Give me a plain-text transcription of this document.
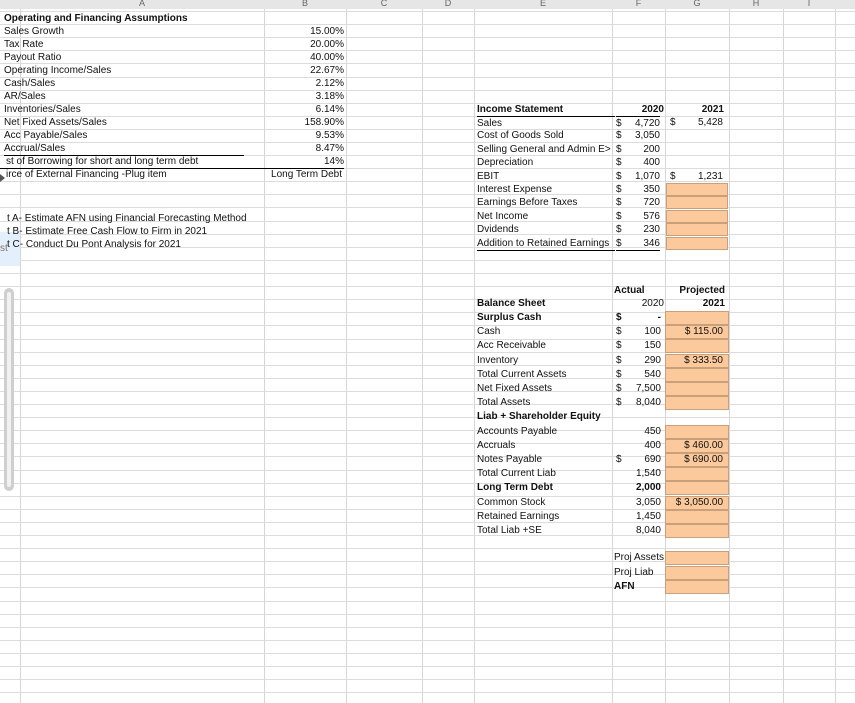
A	B	C	D	E	F	G	H	I
st
Operating and Financing Assumptions
Sales Growth	15.00%
Tax Rate	20.00%
Payout Ratio	40.00%
Operating Income/Sales	22.67%
Cash/Sales	2.12%
AR/Sales	3.18%
Inventories/Sales	6.14%
Net Fixed Assets/Sales	158.90%
Acc Payable/Sales	9.53%
Accrual/Sales	8.47%
st of Borrowing for short and long term debt	14%
irce of External Financing -Plug item	Long Term Debt
t A- Estimate AFN using Financial Forecasting Method
t B- Estimate Free Cash Flow to Firm in 2021
t C- Conduct Du Pont Analysis for 2021
Income Statement	2020	2021
Sales	$	4,720 $	5,428
Cost of Goods Sold	$	3,050
Selling General and Admin E> $	200
Depreciation	$	400
EBIT	$	1,070 $	1,231
Interest Expense	$	350
Earnings Before Taxes	$	720
Net Income	$	576
Dvidends	$	230
Addition to Retained Earnings $	346
Actual	Projected
2020	2021
Balance Sheet
Surplus Cash	$	-
Cash	$	100	$ 115.00
Acc Receivable	$	150
Inventory	$	290	$ 333.50
Total Current Assets	$	540
Net Fixed Assets	$	7,500
Total Assets	$	8,040
Liab + Shareholder Equity
Accounts Payable	450
Accruals	400	$ 460.00
Notes Payable	$	690	$ 690.00
Total Current Liab	1,540
Long Term Debt	2,000
Common Stock	3,050	$ 3,050.00
Retained Earnings	1,450
Total Liab +SE	8,040
Proj Assets
Proj Liab
AFN
